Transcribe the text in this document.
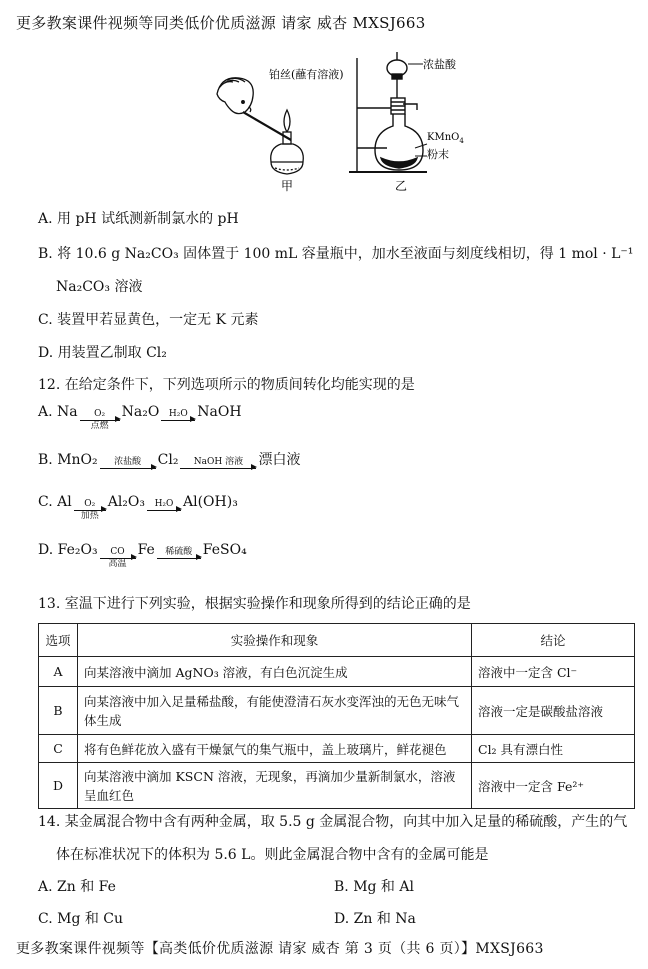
更多教案课件视频等同类低价优质滋源 请家 威杏 MXSJ663
铂丝(蘸有溶液)
浓盐酸
KMnO$_4$
粉末
甲	乙
A. 用 pH 试纸测新制氯水的 pH
B. 将 10.6 g Na₂CO₃ 固体置于 100 mL 容量瓶中，加水至液面与刻度线相切，得 1 mol · L⁻¹
Na₂CO₃ 溶液
C. 装置甲若显黄色，一定无 K 元素
D. 用装置乙制取 Cl₂
12. 在给定条件下，下列选项所示的物质间转化均能实现的是
A. Na	O₂
点燃
Na₂O	H₂O NaOH
B. MnO₂	浓盐酸	Cl₂	NaOH 溶液	漂白液
C. Al	O₂
加热
Al₂O₃	H₂O Al(OH)₃
D. Fe₂O₃	CO
高温
Fe	稀硫酸 FeSO₄
13. 室温下进行下列实验，根据实验操作和现象所得到的结论正确的是
选项	实验操作和现象	结论
A	向某溶液中滴加 AgNO₃ 溶液，有白色沉淀生成	溶液中一定含 Cl⁻
B	向某溶液中加入足量稀盐酸，有能使澄清石灰水变浑浊的无色无味气体生成	溶液一定是碳酸盐溶液
C	将有色鲜花放入盛有干燥氯气的集气瓶中，盖上玻璃片，鲜花褪色	Cl₂ 具有漂白性
D	向某溶液中滴加 KSCN 溶液，无现象，再滴加少量新制氯水，溶液呈血红色	溶液中一定含 Fe²⁺
14. 某金属混合物中含有两种金属，取 5.5 g 金属混合物，向其中加入足量的稀硫酸，产生的气
体在标准状况下的体积为 5.6 L。则此金属混合物中含有的金属可能是
A. Zn 和 Fe	B. Mg 和 Al
C. Mg 和 Cu	D. Zn 和 Na
更多教案课件视频等【高类低价优质滋源 请家 威杏 第 3 页（共 6 页）】MXSJ663
